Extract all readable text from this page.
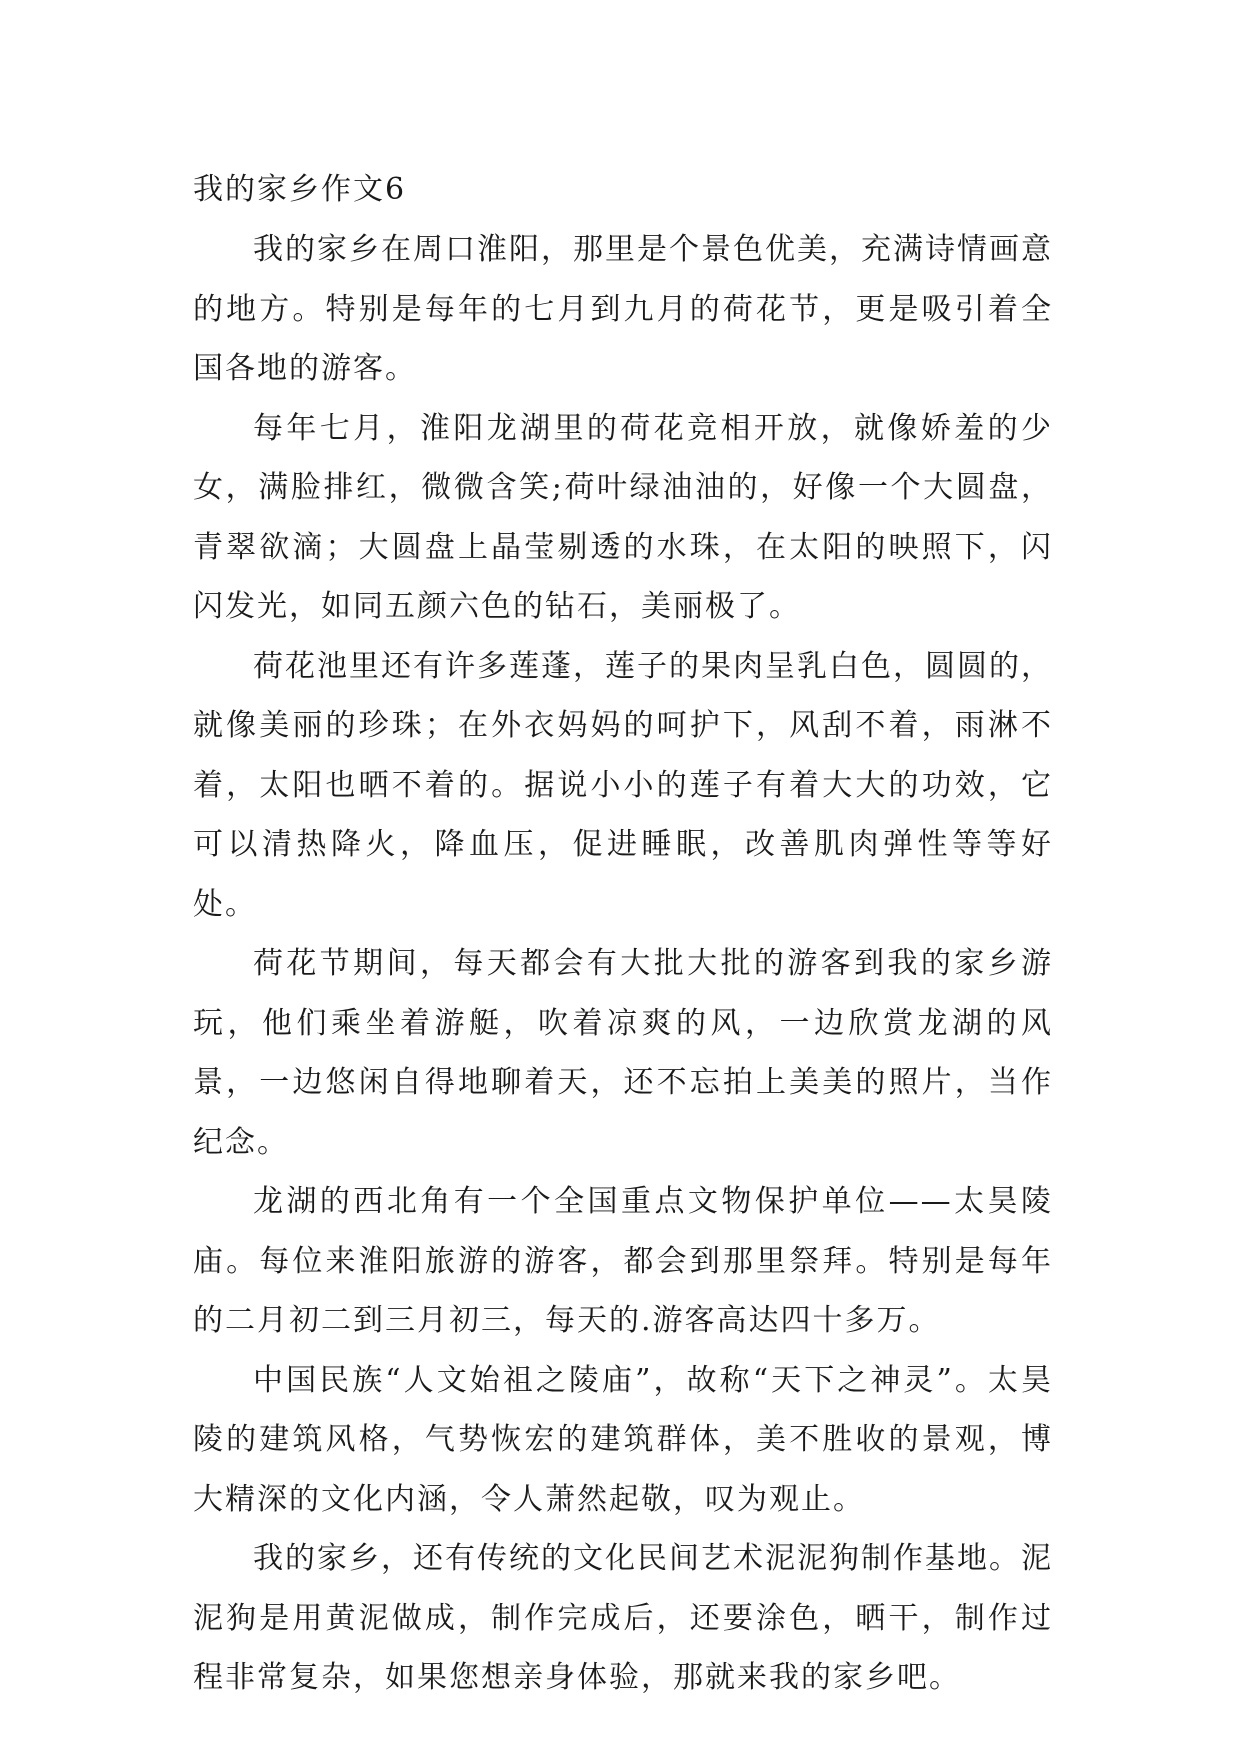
我的家乡作文6

我的家乡在周口淮阳，那里是个景色优美，充满诗情画意的地方。特别是每年的七月到九月的荷花节，更是吸引着全国各地的游客。

每年七月，淮阳龙湖里的荷花竞相开放，就像娇羞的少女，满脸排红，微微含笑;荷叶绿油油的，好像一个大圆盘，青翠欲滴；大圆盘上晶莹剔透的水珠，在太阳的映照下，闪闪发光，如同五颜六色的钻石，美丽极了。

荷花池里还有许多莲蓬，莲子的果肉呈乳白色，圆圆的，就像美丽的珍珠；在外衣妈妈的呵护下，风刮不着，雨淋不着，太阳也晒不着的。据说小小的莲子有着大大的功效，它可以清热降火，降血压，促进睡眠，改善肌肉弹性等等好处。

荷花节期间，每天都会有大批大批的游客到我的家乡游玩，他们乘坐着游艇，吹着凉爽的风，一边欣赏龙湖的风景，一边悠闲自得地聊着天，还不忘拍上美美的照片，当作纪念。

龙湖的西北角有一个全国重点文物保护单位——太昊陵庙。每位来淮阳旅游的游客，都会到那里祭拜。特别是每年的二月初二到三月初三，每天的.游客高达四十多万。

中国民族“人文始祖之陵庙”，故称“天下之神灵”。太昊陵的建筑风格，气势恢宏的建筑群体，美不胜收的景观，博大精深的文化内涵，令人萧然起敬，叹为观止。

我的家乡，还有传统的文化民间艺术泥泥狗制作基地。泥泥狗是用黄泥做成，制作完成后，还要涂色，晒干，制作过程非常复杂，如果您想亲身体验，那就来我的家乡吧。
